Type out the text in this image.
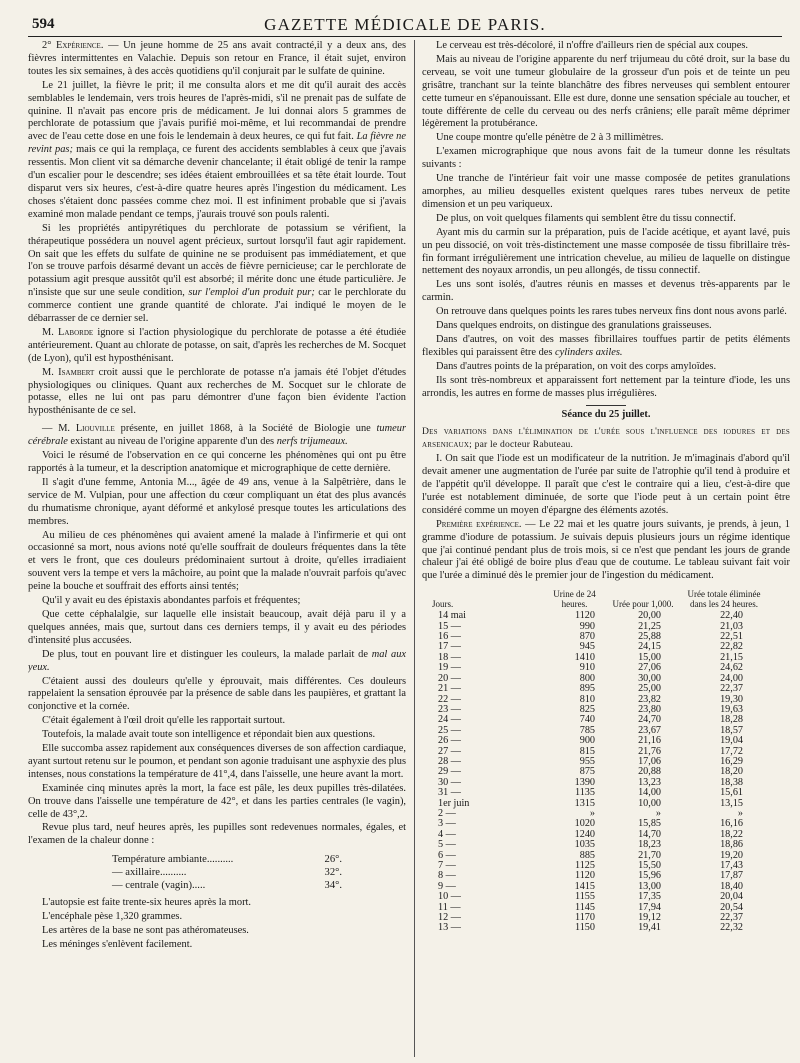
594	GAZETTE MÉDICALE DE PARIS.

2° Expérience. — Un jeune homme de 25 ans avait contracté,il y a deux ans, des fièvres intermittentes en Valachie. Depuis son retour en France, il était sujet, environ toutes les six semaines, à des accès quotidiens qu'il conjurait par le sulfate de quinine.

Le 21 juillet, la fièvre le prit; il me consulta alors et me dit qu'il aurait des accès semblables le lendemain, vers trois heures de l'après-midi, s'il ne prenait pas de sulfate de quinine. Il n'avait pas encore pris de médicament. Je lui donnai alors 5 grammes de perchlorate de potassium que j'avais purifié moi-même, et lui recommandai de prendre avec de l'eau cette dose en une fois le lendemain à deux heures, ce qui fut fait. La fièvre ne revint pas; mais ce qui la remplaça, ce furent des accidents semblables à ceux que j'avais ressentis. Mon client vit sa démarche devenir chancelante; il était obligé de tenir la rampe d'un escalier pour le descendre; ses idées étaient embrouillées et sa tête était lourde. Tout disparut vers six heures, c'est-à-dire quatre heures après l'ingestion du médicament. Les choses s'étaient donc passées comme chez moi. Il est infiniment probable que si j'avais examiné mon malade pendant ce temps, j'aurais trouvé son pouls ralenti.

Si les propriétés antipyrétiques du perchlorate de potassium se vérifient, la thérapeutique possédera un nouvel agent précieux, surtout lorsqu'il faut agir rapidement. On sait que les effets du sulfate de quinine ne se produisent pas immédiatement, et que l'on se trouve parfois désarmé devant un accès de fièvre pernicieuse; car le perchlorate de potassium agit presque aussitôt qu'il est absorbé; il mérite donc une étude particulière. Je n'insiste que sur une seule condition, sur l'emploi d'un produit pur; car le perchlorate du commerce contient une grande quantité de chlorate. J'ai indiqué le moyen de le débarrasser de ce dernier sel.

M. Laborde ignore si l'action physiologique du perchlorate de potasse a été étudiée antérieurement. Quant au chlorate de potasse, on sait, d'après les recherches de M. Socquet (de Lyon), qu'il est hyposthénisant.

M. Isambert croit aussi que le perchlorate de potasse n'a jamais été l'objet d'études physiologiques ou cliniques. Quant aux recherches de M. Socquet sur le chlorate de potasse, elles ne lui ont pas paru démontrer d'une façon bien évidente l'action hyposthénisante de ce sel.

— M. Liouville présente, en juillet 1868, à la Société de Biologie une tumeur cérébrale existant au niveau de l'origine apparente d'un des nerfs trijumeaux.

Voici le résumé de l'observation en ce qui concerne les phénomènes qui ont pu être rapportés à la tumeur, et la description anatomique et micrographique de cette dernière.

Il s'agit d'une femme, Antonia M..., âgée de 49 ans, venue à la Salpêtrière, dans le service de M. Vulpian, pour une affection du cœur compliquant un état des plus avancés du rhumatisme chronique, ayant déformé et ankylosé presque toutes les articulations des membres.

Au milieu de ces phénomènes qui avaient amené la malade à l'infirmerie et qui ont occasionné sa mort, nous avions noté qu'elle souffrait de douleurs fréquentes dans la tête et vers le front, que ces douleurs prédominaient surtout à droite, qu'elles irradiaient souvent vers la tempe et vers la mâchoire, au point que la malade n'ouvrait parfois qu'avec peine la bouche et souffrait des efforts ainsi tentés;

Qu'il y avait eu des épistaxis abondantes parfois et fréquentes;

Que cette céphalalgie, sur laquelle elle insistait beaucoup, avait déjà paru il y a quelques années, mais que, surtout dans ces derniers temps, il y avait eu des périodes d'intensité plus accusées.

De plus, tout en pouvant lire et distinguer les couleurs, la malade parlait de mal aux yeux.

C'étaient aussi des douleurs qu'elle y éprouvait, mais différentes. Ces douleurs rappelaient la sensation éprouvée par la présence de sable dans les paupières, et grattant la conjonctive et la cornée.

C'était également à l'œil droit qu'elle les rapportait surtout.

Toutefois, la malade avait toute son intelligence et répondait bien aux questions.

Elle succomba assez rapidement aux conséquences diverses de son affection cardiaque, ayant surtout retenu sur le poumon, et pendant son agonie traduisant une asphyxie des plus intenses, nous constations la température de 41°,4, dans l'aisselle, une heure avant la mort.

Examinée cinq minutes après la mort, la face est pâle, les deux pupilles très-dilatées. On trouve dans l'aisselle une température de 42°, et dans les parties centrales (le vagin), celle de 43°,2.

Revue plus tard, neuf heures après, les pupilles sont redevenues normales, égales, et l'examen de la chaleur donne :

Température ambiante..........	26°.
— axillaire..........	32°.
— centrale (vagin).....	34°.

L'autopsie est faite trente-six heures après la mort.

L'encéphale pèse 1,320 grammes.

Les artères de la base ne sont pas athéromateuses.

Les méninges s'enlèvent facilement.

Le cerveau est très-décoloré, il n'offre d'ailleurs rien de spécial aux coupes.

Mais au niveau de l'origine apparente du nerf trijumeau du côté droit, sur la base du cerveau, se voit une tumeur globulaire de la grosseur d'un pois et de teinte un peu grisâtre, tranchant sur la teinte blanchâtre des fibres nerveuses qui semblent entourer cette tumeur en s'épanouissant. Elle est dure, donne une sensation spéciale au toucher, et toute différente de celle du cerveau ou des nerfs crâniens; elle paraît même déprimer légèrement la protubérance.

Une coupe montre qu'elle pénètre de 2 à 3 millimètres.

L'examen micrographique que nous avons fait de la tumeur donne les résultats suivants :

Une tranche de l'intérieur fait voir une masse composée de petites granulations amorphes, au milieu desquelles existent quelques rares tubes nerveux de petite dimension et un peu variqueux.

De plus, on voit quelques filaments qui semblent être du tissu connectif.

Ayant mis du carmin sur la préparation, puis de l'acide acétique, et ayant lavé, puis un peu dissocié, on voit très-distinctement une masse composée de tissu fibrillaire très-fin formant irrégulièrement une intrication chevelue, au milieu de laquelle on distingue nettement des noyaux arrondis, un peu allongés, de tissu connectif.

Les uns sont isolés, d'autres réunis en masses et devenus très-apparents par le carmin.

On retrouve dans quelques points les rares tubes nerveux fins dont nous avons parlé.

Dans quelques endroits, on distingue des granulations graisseuses.

Dans d'autres, on voit des masses fibrillaires touffues partir de petits éléments flexibles qui paraissent être des cylinders axiles.

Dans d'autres points de la préparation, on voit des corps amyloïdes.

Ils sont très-nombreux et apparaissent fort nettement par la teinture d'iode, les uns arrondis, les autres en forme de masses plus irrégulières.

Séance du 25 juillet.

Des variations dans l'élimination de l'urée sous l'influence des iodures et des arsenicaux; par le docteur Rabuteau.

I. On sait que l'iode est un modificateur de la nutrition. Je m'imaginais d'abord qu'il devait amener une augmentation de l'urée par suite de l'atrophie qu'il tend à produire et de l'appétit qu'il développe. Il paraît que c'est le contraire qui a lieu, c'est-à-dire que l'urée est notablement diminuée, de sorte que l'iode peut à un certain point être considéré comme un moyen d'épargne des éléments azotés.

Première expérience. — Le 22 mai et les quatre jours suivants, je prends, à jeun, 1 gramme d'iodure de potassium. Je suivais depuis plusieurs jours un régime identique que j'ai continué pendant plus de trois mois, si ce n'est que pendant les jours de grande chaleur j'ai été obligé de boire plus d'eau que de coutume. Le tableau suivant fait voir que l'urée a diminué dès le premier jour de l'ingestion du médicament.

Jours.
Urine de 24 heures.	Urée pour 1,000.
Urée totale éliminée dans les 24 heures.
14 mai	1120	20,00	22,40
15 —	990	21,25	21,03
16 —	870	25,88	22,51
17 —	945	24,15	22,82
18 —	1410	15,00	21,15
19 —	910	27,06	24,62
20 —	800	30,00	24,00
21 —	895	25,00	22,37
22 —	810	23,82	19,30
23 —	825	23,80	19,63
24 —	740	24,70	18,28
25 —	785	23,67	18,57
26 —	900	21,16	19,04
27 —	815	21,76	17,72
28 —	955	17,06	16,29
29 —	875	20,88	18,20
30 —	1390	13,23	18,38
31 —	1135	14,00	15,61
1er juin	1315	10,00	13,15
2 —	»	»	»
3 —	1020	15,85	16,16
4 —	1240	14,70	18,22
5 —	1035	18,23	18,86
6 —	885	21,70	19,20
7 —	1125	15,50	17,43
8 —	1120	15,96	17,87
9 —	1415	13,00	18,40
10 —	1155	17,35	20,04
11 —	1145	17,94	20,54
12 —	1170	19,12	22,37
13 —	1150	19,41	22,32
